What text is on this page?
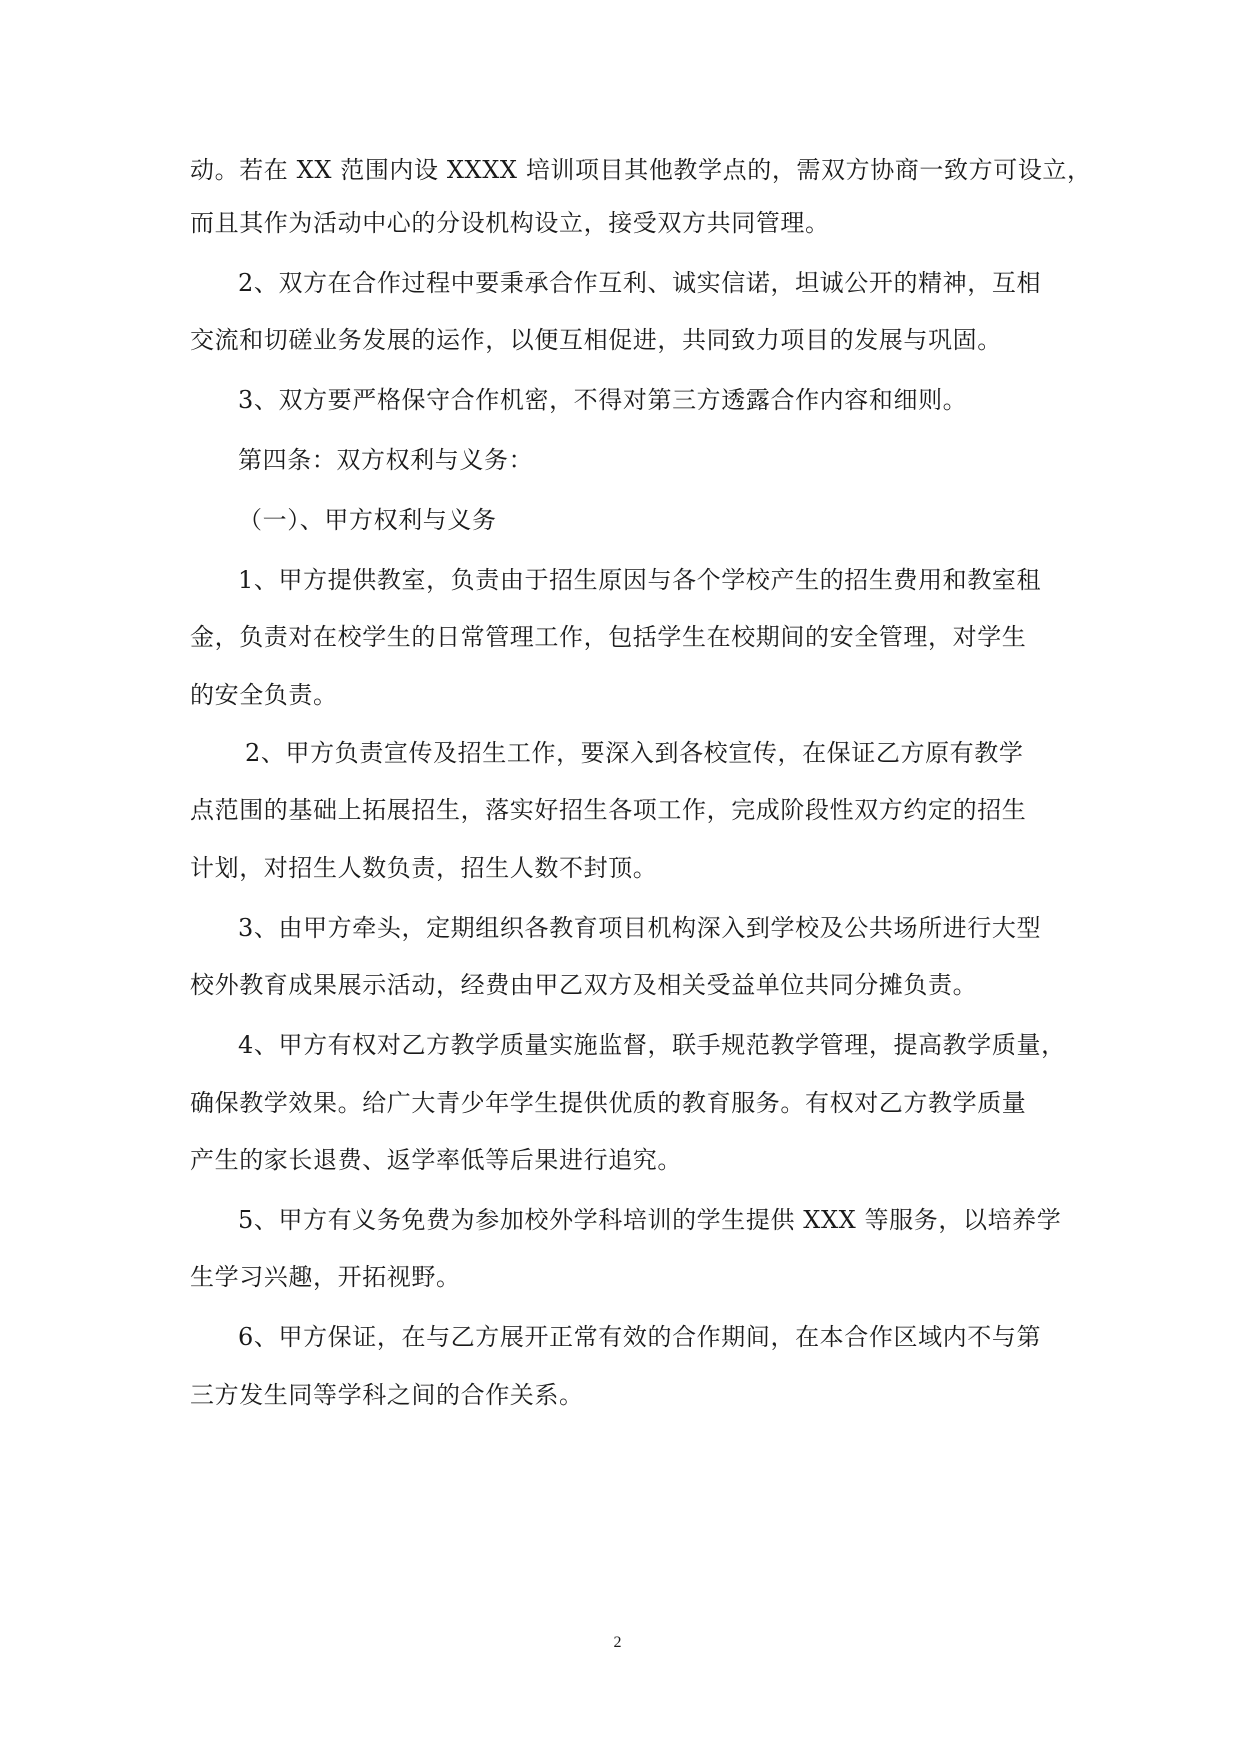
动。若在 XX 范围内设 XXXX 培训项目其他教学点的，需双方协商一致方可设立，
而且其作为活动中心的分设机构设立，接受双方共同管理。
2、双方在合作过程中要秉承合作互利、诚实信诺，坦诚公开的精神，互相
交流和切磋业务发展的运作，以便互相促进，共同致力项目的发展与巩固。
3、双方要严格保守合作机密，不得对第三方透露合作内容和细则。
第四条：双方权利与义务：
（一）、甲方权利与义务
1、甲方提供教室，负责由于招生原因与各个学校产生的招生费用和教室租
金，负责对在校学生的日常管理工作，包括学生在校期间的安全管理，对学生
的安全负责。
2、甲方负责宣传及招生工作，要深入到各校宣传，在保证乙方原有教学
点范围的基础上拓展招生，落实好招生各项工作，完成阶段性双方约定的招生
计划，对招生人数负责，招生人数不封顶。
3、由甲方牵头，定期组织各教育项目机构深入到学校及公共场所进行大型
校外教育成果展示活动，经费由甲乙双方及相关受益单位共同分摊负责。
4、甲方有权对乙方教学质量实施监督，联手规范教学管理，提高教学质量，
确保教学效果。给广大青少年学生提供优质的教育服务。有权对乙方教学质量
产生的家长退费、返学率低等后果进行追究。
5、甲方有义务免费为参加校外学科培训的学生提供 XXX 等服务，以培养学
生学习兴趣，开拓视野。
6、甲方保证，在与乙方展开正常有效的合作期间，在本合作区域内不与第
三方发生同等学科之间的合作关系。
2
